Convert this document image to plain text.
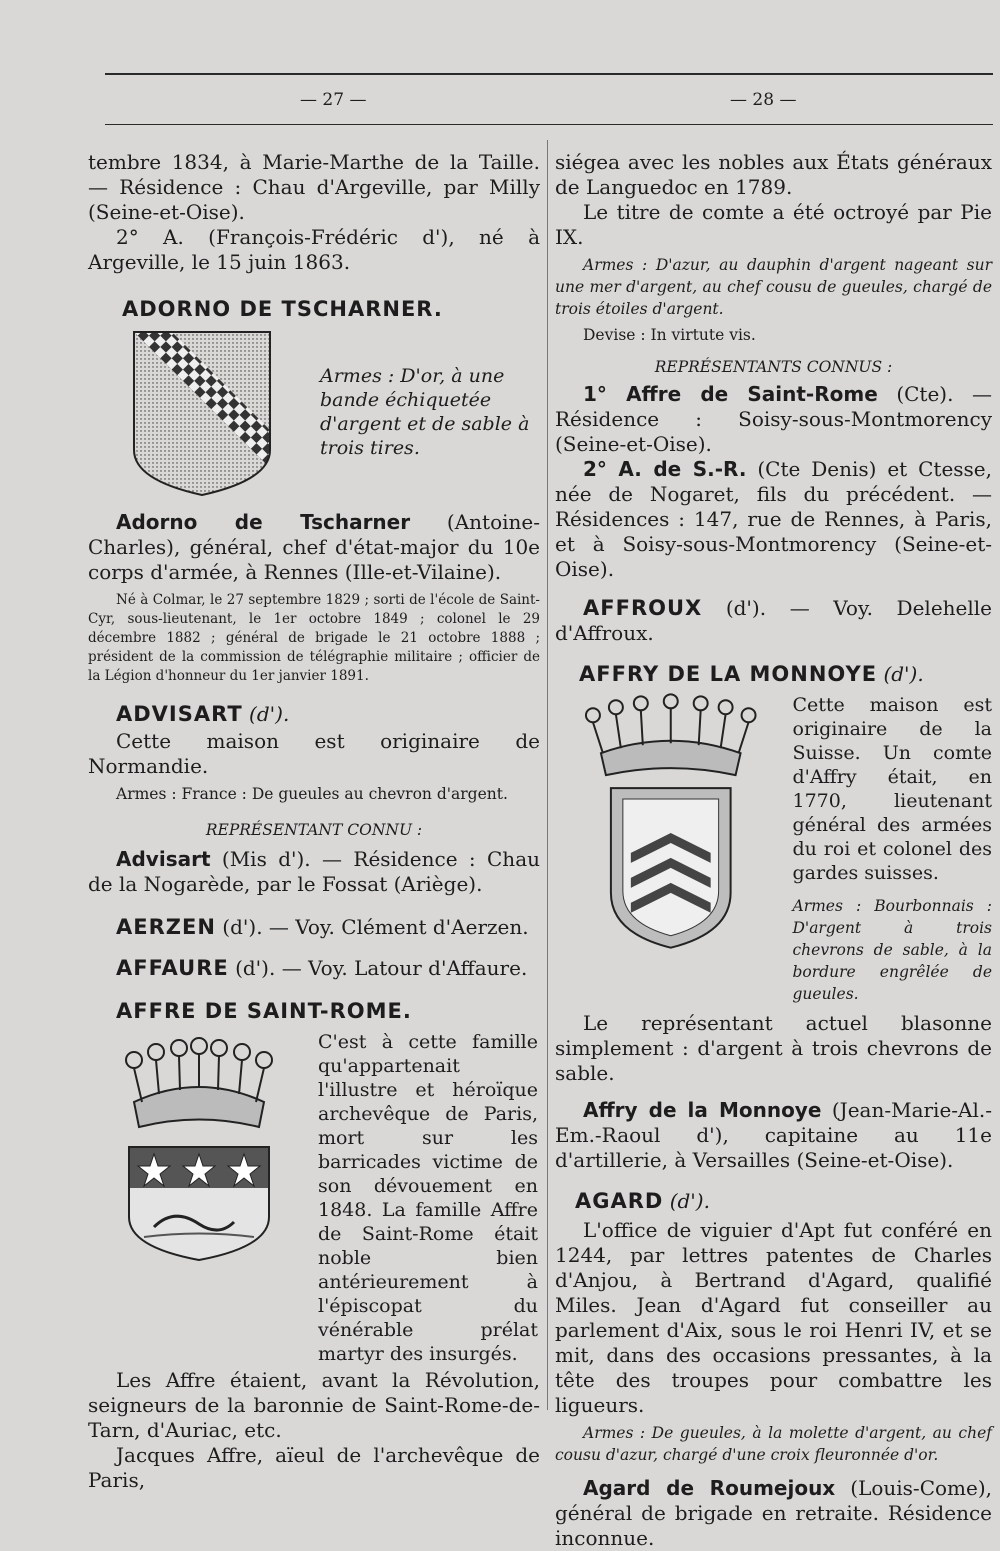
— 27 —	— 28 —

tembre 1834, à Marie-Marthe de la Taille. — Résidence : Chau d'Argeville, par Milly (Seine-et-Oise).

2° A. (François-Frédéric d'), né à Argeville, le 15 juin 1863.

ADORNO DE TSCHARNER.
Armes : D'or, à une bande échiquetée d'argent et de sable à trois tires.

Adorno de Tscharner (Antoine-Charles), général, chef d'état-major du 10e corps d'armée, à Rennes (Ille-et-Vilaine).

Né à Colmar, le 27 septembre 1829 ; sorti de l'école de Saint-Cyr, sous-lieutenant, le 1er octobre 1849 ; colonel le 29 décembre 1882 ; général de brigade le 21 octobre 1888 ; président de la commission de télégraphie militaire ; officier de la Légion d'honneur du 1er janvier 1891.

ADVISART (d').

Cette maison est originaire de Normandie.

Armes : France : De gueules au chevron d'argent.

REPRÉSENTANT CONNU :

Advisart (Mis d'). — Résidence : Chau de la Nogarède, par le Fossat (Ariège).

AERZEN (d'). — Voy. Clément d'Aerzen.

AFFAURE (d'). — Voy. Latour d'Affaure.

AFFRE DE SAINT-ROME.
C'est à cette famille qu'appartenait l'illustre et héroïque archevêque de Paris, mort sur les barricades victime de son dévouement en 1848. La famille Affre de Saint-Rome était noble bien antérieurement à l'épiscopat du vénérable prélat martyr des insurgés.

Les Affre étaient, avant la Révolution, seigneurs de la baronnie de Saint-Rome-de-Tarn, d'Auriac, etc.

Jacques Affre, aïeul de l'archevêque de Paris,

siégea avec les nobles aux États généraux de Languedoc en 1789.

Le titre de comte a été octroyé par Pie IX.

Armes : D'azur, au dauphin d'argent nageant sur une mer d'argent, au chef cousu de gueules, chargé de trois étoiles d'argent.

Devise : In virtute vis.

REPRÉSENTANTS CONNUS :

1° Affre de Saint-Rome (Cte). — Résidence : Soisy-sous-Montmorency (Seine-et-Oise).

2° A. de S.-R. (Cte Denis) et Ctesse, née de Nogaret, fils du précédent. — Résidences : 147, rue de Rennes, à Paris, et à Soisy-sous-Montmorency (Seine-et-Oise).

AFFROUX (d'). — Voy. Delehelle d'Affroux.

AFFRY DE LA MONNOYE (d').
Cette maison est originaire de la Suisse. Un comte d'Affry était, en 1770, lieutenant général des armées du roi et colonel des gardes suisses.
Armes : Bourbonnais : D'argent à trois chevrons de sable, à la bordure engrêlée de gueules.

Le représentant actuel blasonne simplement : d'argent à trois chevrons de sable.

Affry de la Monnoye (Jean-Marie-Al.-Em.-Raoul d'), capitaine au 11e d'artillerie, à Versailles (Seine-et-Oise).

AGARD (d').

L'office de viguier d'Apt fut conféré en 1244, par lettres patentes de Charles d'Anjou, à Bertrand d'Agard, qualifié Miles. Jean d'Agard fut conseiller au parlement d'Aix, sous le roi Henri IV, et se mit, dans des occasions pressantes, à la tête des troupes pour combattre les ligueurs.

Armes : De gueules, à la molette d'argent, au chef cousu d'azur, chargé d'une croix fleuronnée d'or.

Agard de Roumejoux (Louis-Come), général de brigade en retraite. Résidence inconnue.
